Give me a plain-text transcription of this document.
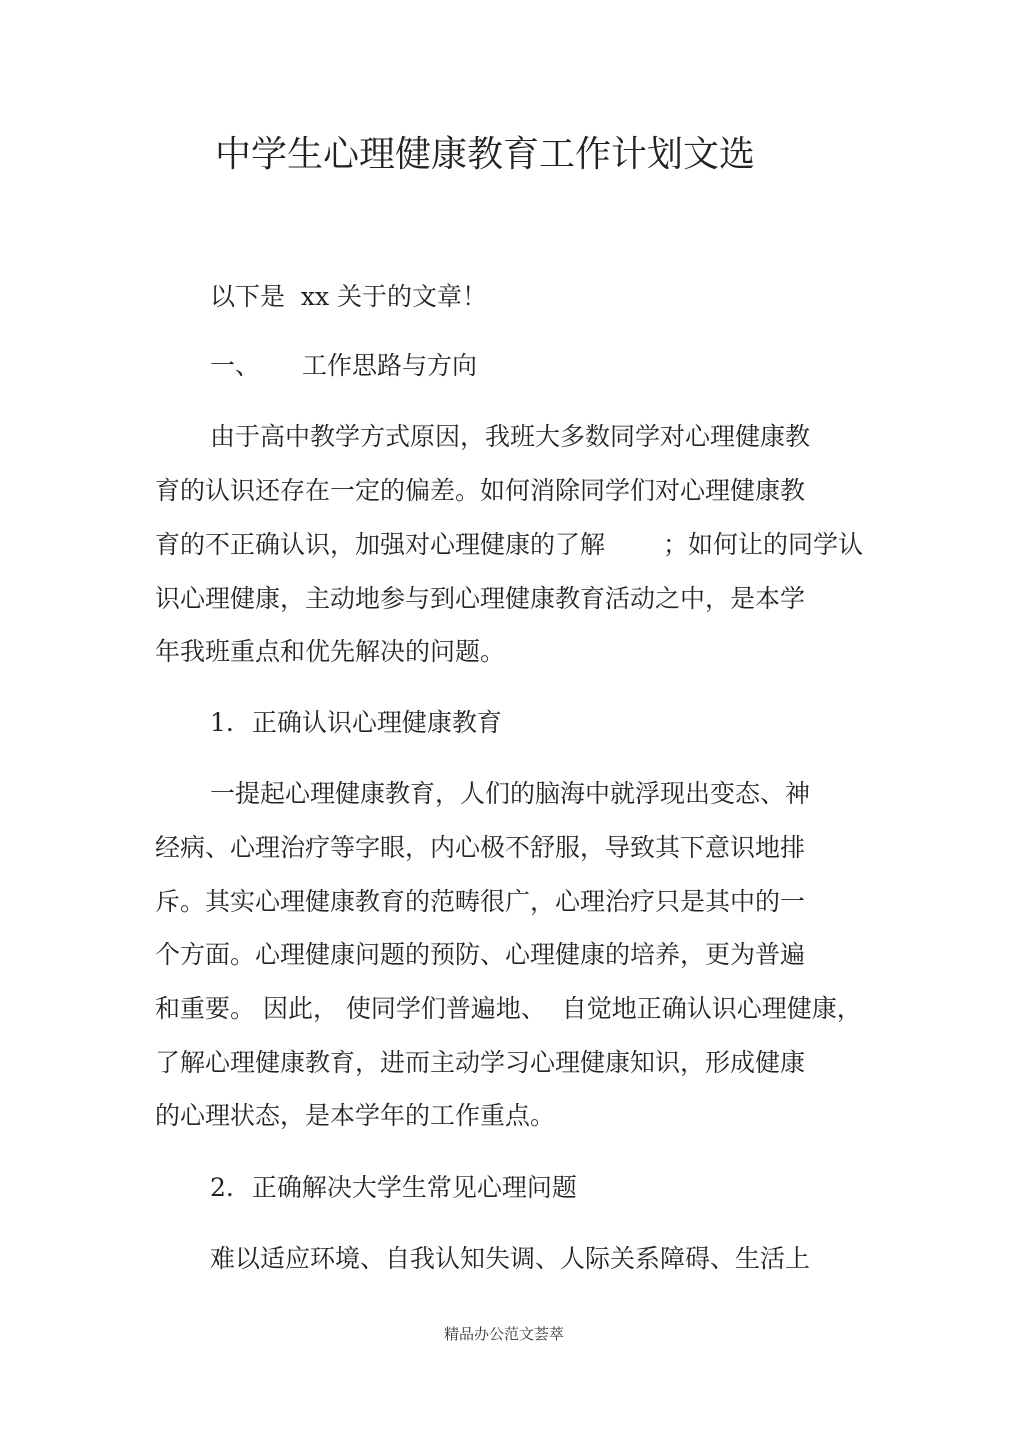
中学生心理健康教育工作计划文选

以下是  xx 关于的文章！

一、 工作思路与方向

由于高中教学方式原因，我班大多数同学对心理健康教

育的认识还存在一定的偏差。如何消除同学们对心理健康教

育的不正确认识，加强对心理健康的了解 ；如何让的同学认

识心理健康，主动地参与到心理健康教育活动之中，是本学

年我班重点和优先解决的问题。

1. 正确认识心理健康教育

一提起心理健康教育，人们的脑海中就浮现出变态、神

经病、心理治疗等字眼，内心极不舒服，导致其下意识地排

斥。其实心理健康教育的范畴很广，心理治疗只是其中的一

个方面。心理健康问题的预防、心理健康的培养，更为普遍

和重要。 因此， 使同学们普遍地、  自觉地正确认识心理健康，

了解心理健康教育，进而主动学习心理健康知识，形成健康

的心理状态，是本学年的工作重点。

2. 正确解决大学生常见心理问题

难以适应环境、自我认知失调、人际关系障碍、生活上

精品办公范文荟萃
